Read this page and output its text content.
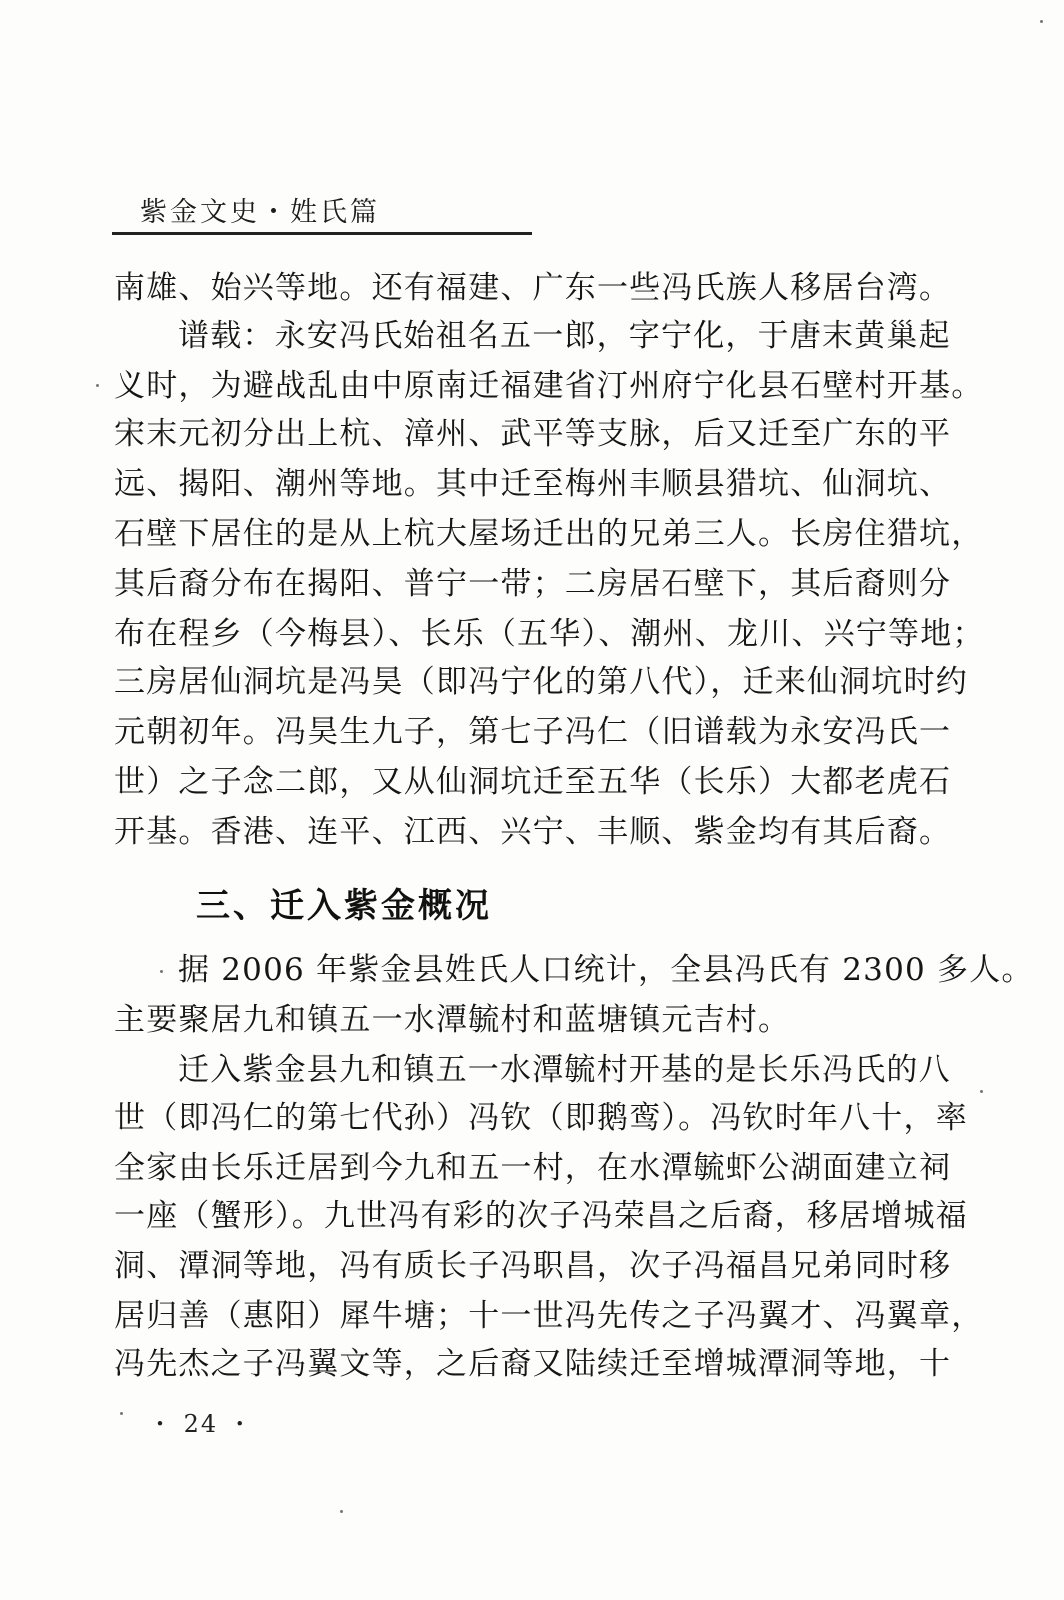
紫金文史・姓氏篇
南雄、始兴等地。还有福建、广东一些冯氏族人移居台湾。
谱载：永安冯氏始祖名五一郎，字宁化，于唐末黄巢起
义时，为避战乱由中原南迁福建省汀州府宁化县石壁村开基。
宋末元初分出上杭、漳州、武平等支脉，后又迁至广东的平
远、揭阳、潮州等地。其中迁至梅州丰顺县猎坑、仙洞坑、
石壁下居住的是从上杭大屋场迁出的兄弟三人。长房住猎坑，
其后裔分布在揭阳、普宁一带；二房居石壁下，其后裔则分
布在程乡（今梅县）、长乐（五华）、潮州、龙川、兴宁等地；
三房居仙洞坑是冯昊（即冯宁化的第八代），迁来仙洞坑时约
元朝初年。冯昊生九子，第七子冯仁（旧谱载为永安冯氏一
世）之子念二郎，又从仙洞坑迁至五华（长乐）大都老虎石
开基。香港、连平、江西、兴宁、丰顺、紫金均有其后裔。
三、迁入紫金概况
据 2006 年紫金县姓氏人口统计，全县冯氏有 2300 多人。
主要聚居九和镇五一水潭毓村和蓝塘镇元吉村。
迁入紫金县九和镇五一水潭毓村开基的是长乐冯氏的八
世（即冯仁的第七代孙）冯钦（即鹅鸾）。冯钦时年八十，率
全家由长乐迁居到今九和五一村，在水潭毓虾公湖面建立祠
一座（蟹形）。九世冯有彩的次子冯荣昌之后裔，移居增城福
洞、潭洞等地，冯有质长子冯职昌，次子冯福昌兄弟同时移
居归善（惠阳）犀牛塘；十一世冯先传之子冯翼才、冯翼章，
冯先杰之子冯翼文等，之后裔又陆续迁至增城潭洞等地，十
・ 24 ・
